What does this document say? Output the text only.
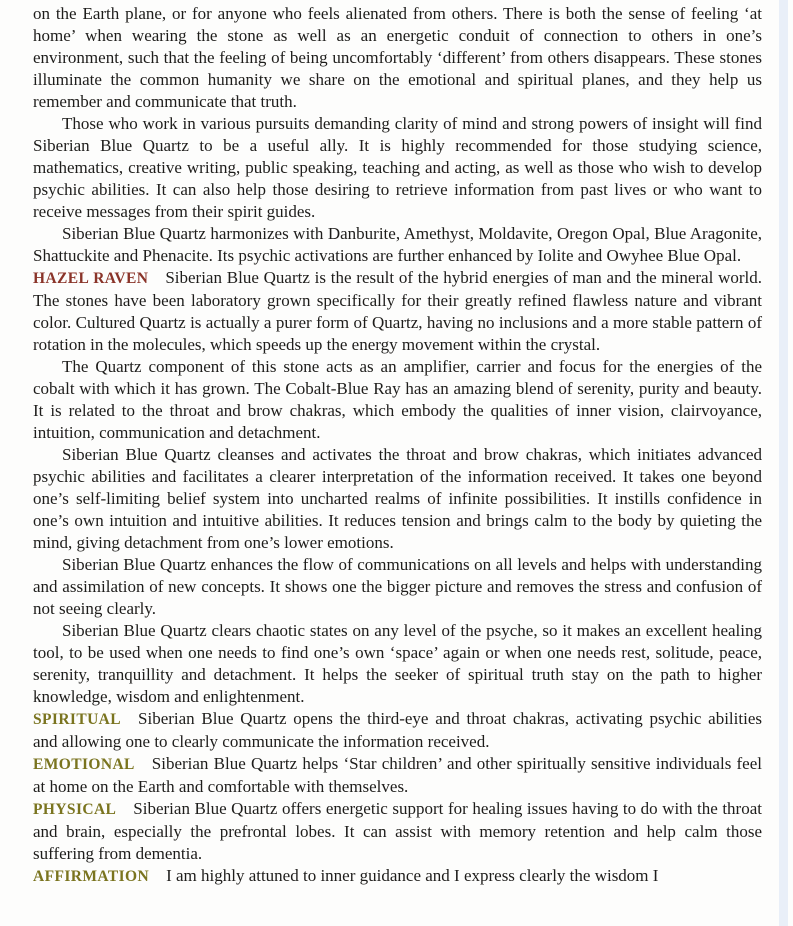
on the Earth plane, or for anyone who feels alienated from others. There is both the sense of feeling ‘at home’ when wearing the stone as well as an energetic conduit of connection to others in one’s environment, such that the feeling of being uncomfortably ‘different’ from others disappears. These stones illuminate the common humanity we share on the emotional and spiritual planes, and they help us remember and communicate that truth.

Those who work in various pursuits demanding clarity of mind and strong powers of insight will find Siberian Blue Quartz to be a useful ally. It is highly recommended for those studying science, mathematics, creative writing, public speaking, teaching and acting, as well as those who wish to develop psychic abilities. It can also help those desiring to retrieve information from past lives or who want to receive messages from their spirit guides.

Siberian Blue Quartz harmonizes with Danburite, Amethyst, Moldavite, Oregon Opal, Blue Aragonite, Shattuckite and Phenacite. Its psychic activations are further enhanced by Iolite and Owyhee Blue Opal.

HAZEL RAVEN Siberian Blue Quartz is the result of the hybrid energies of man and the mineral world. The stones have been laboratory grown specifically for their greatly refined flawless nature and vibrant color. Cultured Quartz is actually a purer form of Quartz, having no inclusions and a more stable pattern of rotation in the molecules, which speeds up the energy movement within the crystal.

The Quartz component of this stone acts as an amplifier, carrier and focus for the energies of the cobalt with which it has grown. The Cobalt-Blue Ray has an amazing blend of serenity, purity and beauty. It is related to the throat and brow chakras, which embody the qualities of inner vision, clairvoyance, intuition, communication and detachment.

Siberian Blue Quartz cleanses and activates the throat and brow chakras, which initiates advanced psychic abilities and facilitates a clearer interpretation of the information received. It takes one beyond one’s self-limiting belief system into uncharted realms of infinite possibilities. It instills confidence in one’s own intuition and intuitive abilities. It reduces tension and brings calm to the body by quieting the mind, giving detachment from one’s lower emotions.

Siberian Blue Quartz enhances the flow of communications on all levels and helps with understanding and assimilation of new concepts. It shows one the bigger picture and removes the stress and confusion of not seeing clearly.

Siberian Blue Quartz clears chaotic states on any level of the psyche, so it makes an excellent healing tool, to be used when one needs to find one’s own ‘space’ again or when one needs rest, solitude, peace, serenity, tranquillity and detachment. It helps the seeker of spiritual truth stay on the path to higher knowledge, wisdom and enlightenment.

SPIRITUAL Siberian Blue Quartz opens the third-eye and throat chakras, activating psychic abilities and allowing one to clearly communicate the information received.

EMOTIONAL Siberian Blue Quartz helps ‘Star children’ and other spiritually sensitive individuals feel at home on the Earth and comfortable with themselves.

PHYSICAL Siberian Blue Quartz offers energetic support for healing issues having to do with the throat and brain, especially the prefrontal lobes. It can assist with memory retention and help calm those suffering from dementia.

AFFIRMATION I am highly attuned to inner guidance and I express clearly the wisdom I
